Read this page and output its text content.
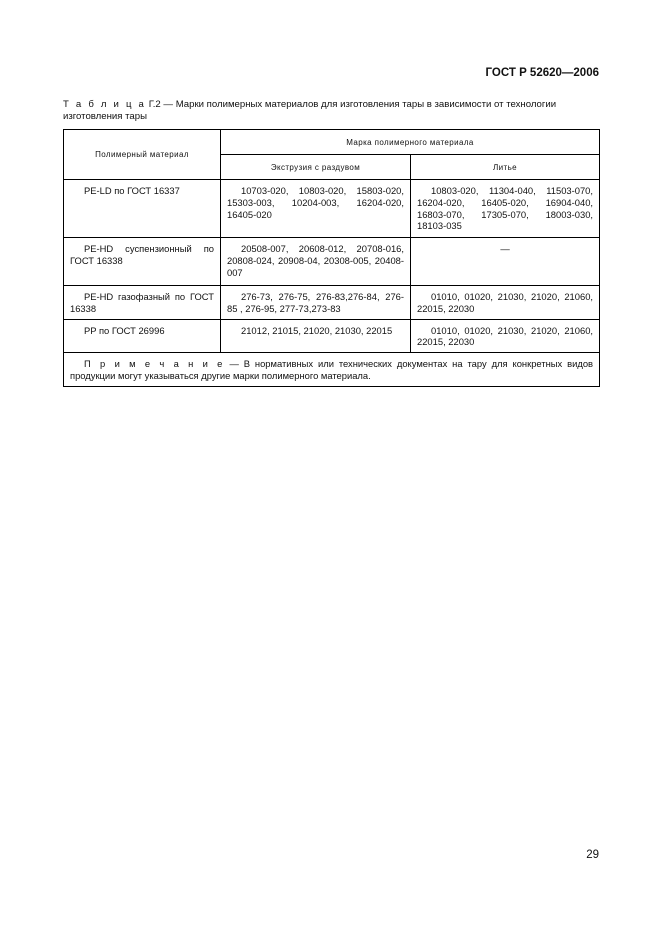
ГОСТ Р 52620—2006
Т а б л и ц а Г.2 — Марки полимерных материалов для изготовления тары в зависимости от технологии изготовления тары
Полимерный материал	Марка полимерного материала	
	Экструзия с раздувом	Литье
PE-LD по ГОСТ 16337	10703-020, 10803-020, 15803-020, 15303-003, 10204-003, 16204-020, 16405-020	10803-020, 11304-040, 11503-070, 16204-020, 16405-020, 16904-040, 16803-070, 17305-070, 18003-030, 18103-035
PE-HD суспензионный по ГОСТ 16338	20508-007, 20608-012, 20708-016, 20808-024, 20908-04, 20308-005, 20408-007	—
PE-HD газофазный по ГОСТ 16338	276-73, 276-75, 276-83,276-84, 276-85 , 276-95, 277-73,273-83	01010, 01020, 21030, 21020, 21060, 22015, 22030
PP по ГОСТ 26996	21012, 21015, 21020, 21030, 22015	01010, 01020, 21030, 21020, 21060, 22015, 22030
П р и м е ч а н и е — В нормативных или технических документах на тару для конкретных видов продукции могут указываться другие марки полимерного материала.		
29
